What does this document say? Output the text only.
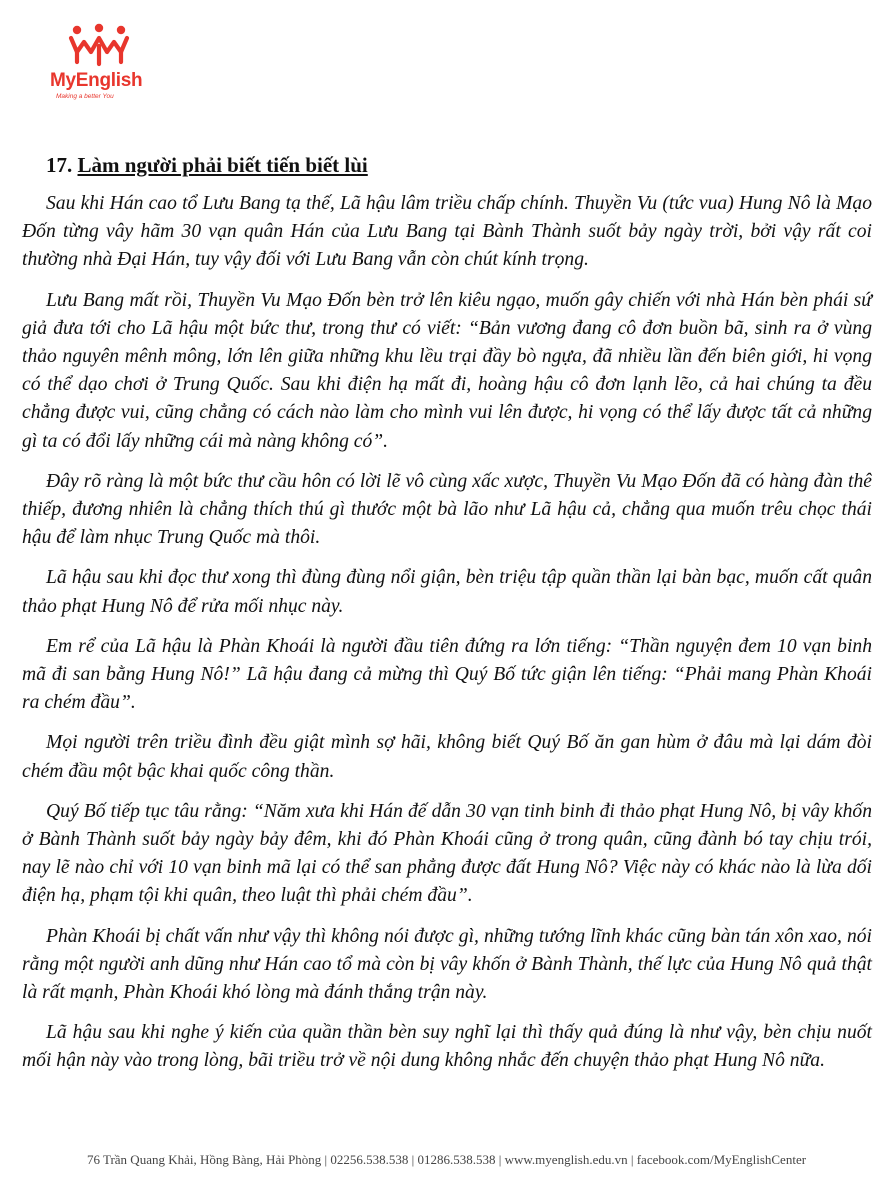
MyEnglish
Making a better You
17. Làm người phải biết tiến biết lùi

Sau khi Hán cao tổ Lưu Bang tạ thế, Lã hậu lâm triều chấp chính. Thuyền Vu (tức vua) Hung Nô là Mạo Đốn từng vây hãm 30 vạn quân Hán của Lưu Bang tại Bành Thành suốt bảy ngày trời, bởi vậy rất coi thường nhà Đại Hán, tuy vậy đối với Lưu Bang vẫn còn chút kính trọng.

Lưu Bang mất rồi, Thuyền Vu Mạo Đốn bèn trở lên kiêu ngạo, muốn gây chiến với nhà Hán bèn phái sứ giả đưa tới cho Lã hậu một bức thư, trong thư có viết: “Bản vương đang cô đơn buồn bã, sinh ra ở vùng thảo nguyên mênh mông, lớn lên giữa những khu lều trại đầy bò ngựa, đã nhiều lần đến biên giới, hi vọng có thể dạo chơi ở Trung Quốc. Sau khi điện hạ mất đi, hoàng hậu cô đơn lạnh lẽo, cả hai chúng ta đều chẳng được vui, cũng chẳng có cách nào làm cho mình vui lên được, hi vọng có thể lấy được tất cả những gì ta có đổi lấy những cái mà nàng không có”.

Đây rõ ràng là một bức thư cầu hôn có lời lẽ vô cùng xấc xược, Thuyền Vu Mạo Đốn đã có hàng đàn thê thiếp, đương nhiên là chẳng thích thú gì thước một bà lão như Lã hậu cả, chẳng qua muốn trêu chọc thái hậu để làm nhục Trung Quốc mà thôi.

Lã hậu sau khi đọc thư xong thì đùng đùng nổi giận, bèn triệu tập quần thần lại bàn bạc, muốn cất quân thảo phạt Hung Nô để rửa mối nhục này.

Em rể của Lã hậu là Phàn Khoái là người đầu tiên đứng ra lớn tiếng: “Thần nguyện đem 10 vạn binh mã đi san bằng Hung Nô!” Lã hậu đang cả mừng thì Quý Bố tức giận lên tiếng: “Phải mang Phàn Khoái ra chém đầu”.

Mọi người trên triều đình đều giật mình sợ hãi, không biết Quý Bố ăn gan hùm ở đâu mà lại dám đòi chém đầu một bậc khai quốc công thần.

Quý Bố tiếp tục tâu rằng: “Năm xưa khi Hán đế dẫn 30 vạn tinh binh đi thảo phạt Hung Nô, bị vây khốn ở Bành Thành suốt bảy ngày bảy đêm, khi đó Phàn Khoái cũng ở trong quân, cũng đành bó tay chịu trói, nay lẽ nào chỉ với 10 vạn binh mã lại có thể san phẳng được đất Hung Nô? Việc này có khác nào là lừa dối điện hạ, phạm tội khi quân, theo luật thì phải chém đầu”.

Phàn Khoái bị chất vấn như vậy thì không nói được gì, những tướng lĩnh khác cũng bàn tán xôn xao, nói rằng một người anh dũng như Hán cao tổ mà còn bị vây khốn ở Bành Thành, thế lực của Hung Nô quả thật là rất mạnh, Phàn Khoái khó lòng mà đánh thắng trận này.

Lã hậu sau khi nghe ý kiến của quần thần bèn suy nghĩ lại thì thấy quả đúng là như vậy, bèn chịu nuốt mối hận này vào trong lòng, bãi triều trở về nội dung không nhắc đến chuyện thảo phạt Hung Nô nữa.

76 Trần Quang Khải, Hồng Bàng, Hải Phòng | 02256.538.538 | 01286.538.538 | www.myenglish.edu.vn | facebook.com/MyEnglishCenter
